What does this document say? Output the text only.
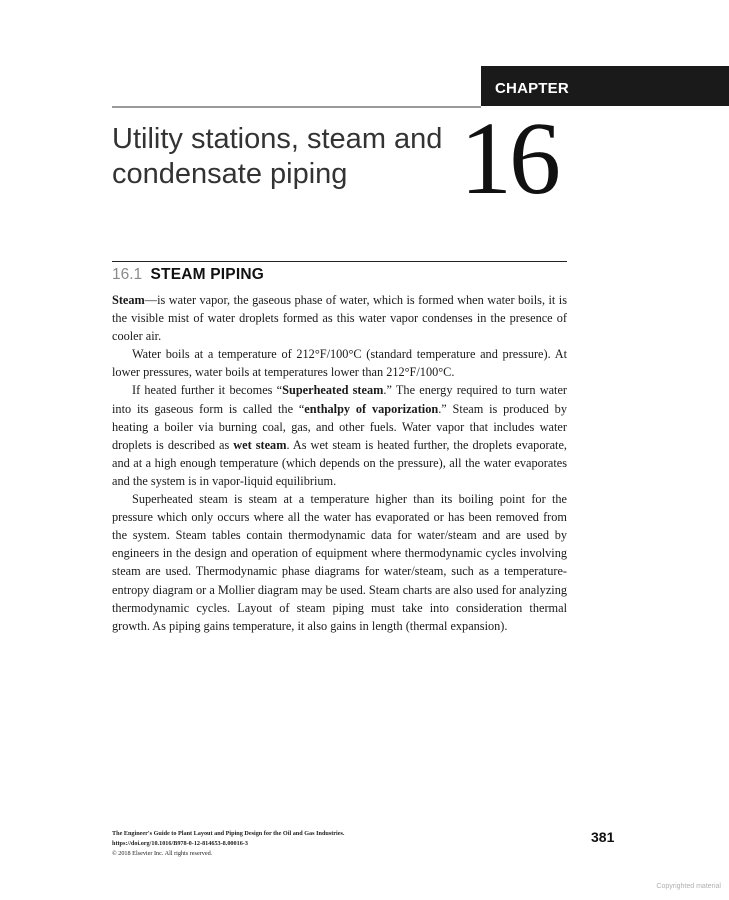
CHAPTER
Utility stations, steam and condensate piping	16
16.1 STEAM PIPING

Steam—is water vapor, the gaseous phase of water, which is formed when water boils, it is the visible mist of water droplets formed as this water vapor condenses in the presence of cooler air.

Water boils at a temperature of 212°F/100°C (standard temperature and pressure). At lower pressures, water boils at temperatures lower than 212°F/100°C.

If heated further it becomes “Superheated steam.” The energy required to turn water into its gaseous form is called the “enthalpy of vaporization.” Steam is produced by heating a boiler via burning coal, gas, and other fuels. Water vapor that includes water droplets is described as wet steam. As wet steam is heated further, the droplets evaporate, and at a high enough temperature (which depends on the pressure), all the water evaporates and the system is in vapor-liquid equilibrium.

Superheated steam is steam at a temperature higher than its boiling point for the pressure which only occurs where all the water has evaporated or has been removed from the system. Steam tables contain thermodynamic data for water/steam and are used by engineers in the design and operation of equipment where thermodynamic cycles involving steam are used. Thermodynamic phase diagrams for water/steam, such as a temperature-entropy diagram or a Mollier diagram may be used. Steam charts are also used for analyzing thermodynamic cycles. Layout of steam piping must take into consideration thermal growth. As piping gains temperature, it also gains in length (thermal expansion).

The Engineer's Guide to Plant Layout and Piping Design for the Oil and Gas Industries.
https://doi.org/10.1016/B978-0-12-814653-8.00016-3
© 2018 Elsevier Inc. All rights reserved.
381
Copyrighted material
